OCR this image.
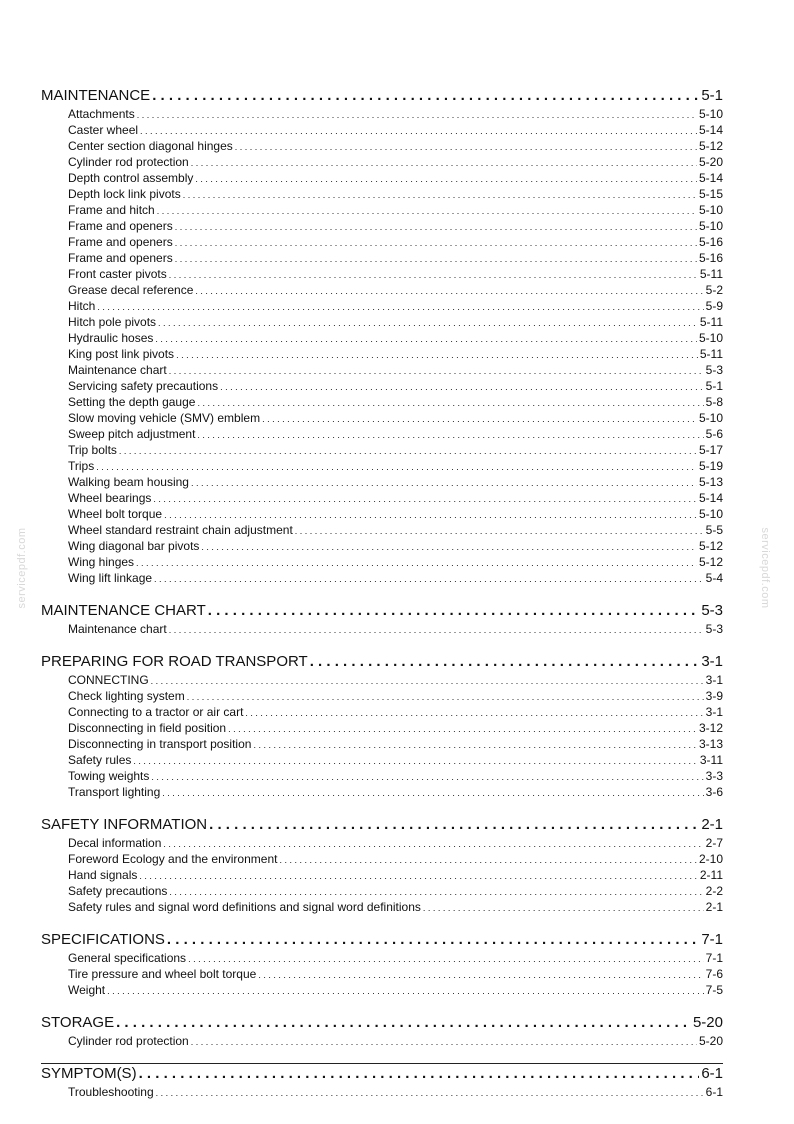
servicepdf.com	servicepdf.com
MAINTENANCE . . .	5-1
Attachments . . .	5-10
Caster wheel . . .	5-14
Center section diagonal hinges . . .	5-12
Cylinder rod protection . . .	5-20
Depth control assembly . . .	5-14
Depth lock link pivots . . .	5-15
Frame and hitch . . .	5-10
Frame and openers . . .	5-10
Frame and openers . . .	5-16
Frame and openers . . .	5-16
Front caster pivots . . .	5-11
Grease decal reference . . .	5-2
Hitch . . .	5-9
Hitch pole pivots . . .	5-11
Hydraulic hoses . . .	5-10
King post link pivots . . .	5-11
Maintenance chart . . .	5-3
Servicing safety precautions . . .	5-1
Setting the depth gauge . . .	5-8
Slow moving vehicle (SMV) emblem . . .	5-10
Sweep pitch adjustment . . .	5-6
Trip bolts . . .	5-17
Trips . . .	5-19
Walking beam housing . . .	5-13
Wheel bearings . . .	5-14
Wheel bolt torque . . .	5-10
Wheel standard restraint chain adjustment . . .	5-5
Wing diagonal bar pivots . . .	5-12
Wing hinges . . .	5-12
Wing lift linkage . . .	5-4
MAINTENANCE CHART . . .	5-3
Maintenance chart . . .	5-3
PREPARING FOR ROAD TRANSPORT . . .	3-1
CONNECTING . . .	3-1
Check lighting system . . .	3-9
Connecting to a tractor or air cart . . .	3-1
Disconnecting in field position . . .	3-12
Disconnecting in transport position . . .	3-13
Safety rules . . .	3-11
Towing weights . . .	3-3
Transport lighting . . .	3-6
SAFETY INFORMATION . . .	2-1
Decal information . . .	2-7
Foreword Ecology and the environment . . .	2-10
Hand signals . . .	2-11
Safety precautions . . .	2-2
Safety rules and signal word definitions and signal word definitions . . .	2-1
SPECIFICATIONS . . .	7-1
General specifications . . .	7-1
Tire pressure and wheel bolt torque . . .	7-6
Weight . . .	7-5
STORAGE . . .	5-20
Cylinder rod protection . . .	5-20
SYMPTOM(S) . . .	6-1
Troubleshooting . . .	6-1
